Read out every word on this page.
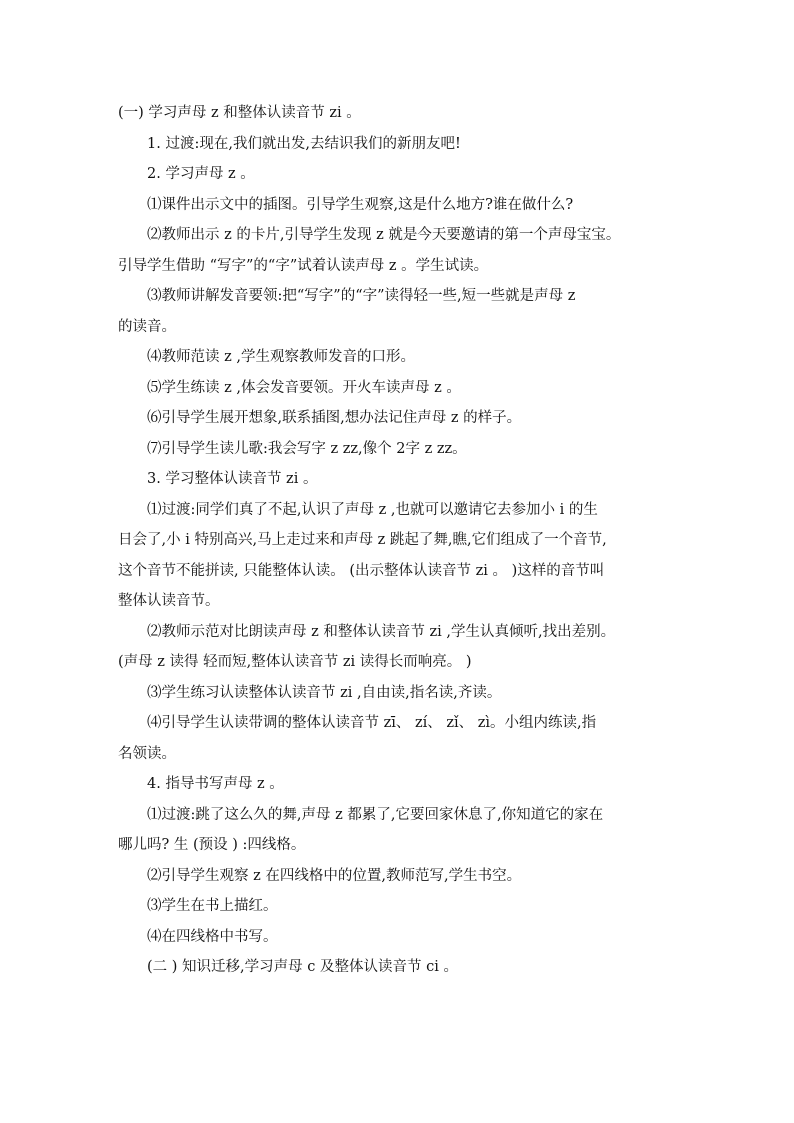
(一) 学习声母 z 和整体认读音节 zi 。

1. 过渡:现在,我们就出发,去结识我们的新朋友吧!

2. 学习声母 z 。

⑴课件出示文中的插图。引导学生观察,这是什么地方?谁在做什么?

⑵教师出示 z 的卡片,引导学生发现 z 就是今天要邀请的第一个声母宝宝。

引导学生借助 “写字”的“字”试着认读声母 z 。学生试读。

⑶教师讲解发音要领:把“写字”的“字”读得轻一些,短一些就是声母 z

的读音。

⑷教师范读 z ,学生观察教师发音的口形。

⑸学生练读 z ,体会发音要领。开火车读声母 z 。

⑹引导学生展开想象,联系插图,想办法记住声母 z 的样子。

⑺引导学生读儿歌:我会写字 z zz,像个 2字 z zz。

3. 学习整体认读音节 zi 。

⑴过渡:同学们真了不起,认识了声母 z ,也就可以邀请它去参加小 i 的生

日会了,小 i 特别高兴,马上走过来和声母 z 跳起了舞,瞧,它们组成了一个音节,

这个音节不能拼读, 只能整体认读。 (出示整体认读音节 zi 。 )这样的音节叫

整体认读音节。

⑵教师示范对比朗读声母 z 和整体认读音节 zi ,学生认真倾听,找出差别。

(声母 z 读得 轻而短,整体认读音节 zi 读得长而响亮。 )

⑶学生练习认读整体认读音节 zi ,自由读,指名读,齐读。

⑷引导学生认读带调的整体认读音节 zī、 zí、 zǐ、 zì。小组内练读,指

名领读。

4. 指导书写声母 z 。

⑴过渡:跳了这么久的舞,声母 z 都累了,它要回家休息了,你知道它的家在

哪儿吗? 生 (预设 ) :四线格。

⑵引导学生观察 z 在四线格中的位置,教师范写,学生书空。

⑶学生在书上描红。

⑷在四线格中书写。

(二 ) 知识迁移,学习声母 c 及整体认读音节 ci 。
